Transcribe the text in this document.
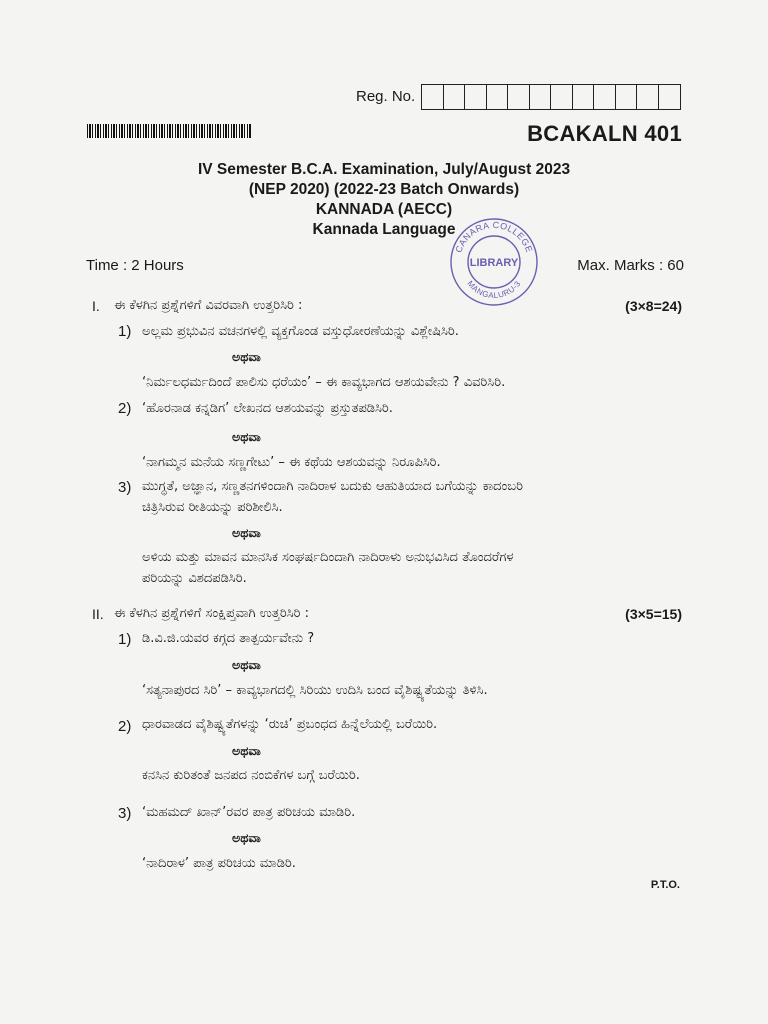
Reg. No.
BCAKALN 401
IV Semester B.C.A. Examination, July/August 2023
(NEP 2020) (2022-23 Batch Onwards)
KANNADA (AECC)
Kannada Language
Time : 2 Hours	Max. Marks : 60
CANARA COLLEGE
MANGALURU-3
LIBRARY
I. ಈ ಕೆಳಗಿನ ಪ್ರಶ್ನೆಗಳಿಗೆ ವಿವರವಾಗಿ ಉತ್ತರಿಸಿರಿ :	(3×8=24)
1) ಅಲ್ಲಮ ಪ್ರಭುವಿನ ವಚನಗಳಲ್ಲಿ ವ್ಯಕ್ತಗೊಂಡ ವಸ್ತುಧೋರಣೆಯನ್ನು ವಿಶ್ಲೇಷಿಸಿರಿ.
ಅಥವಾ
‘ನಿರ್ಮಲಧರ್ಮದಿಂದೆ ಪಾಲಿಸು ಧರೆಯಂ’ – ಈ ಕಾವ್ಯಭಾಗದ ಆಶಯವೇನು ? ವಿವರಿಸಿರಿ.
2) ‘ಹೊರನಾಡ ಕನ್ನಡಿಗ’ ಲೇಖನದ ಆಶಯವನ್ನು ಪ್ರಸ್ತುತಪಡಿಸಿರಿ.
ಅಥವಾ
‘ನಾಗಮ್ಮನ ಮನೆಯ ಸಣ್ಣಗೇಟು’ – ಈ ಕಥೆಯ ಆಶಯವನ್ನು ನಿರೂಪಿಸಿರಿ.
3) ಮುಗ್ಧತೆ, ಅಜ್ಞಾನ, ಸಣ್ಣತನಗಳಿಂದಾಗಿ ನಾದಿರಾಳ ಬದುಕು ಆಹುತಿಯಾದ ಬಗೆಯನ್ನು ಕಾದಂಬರಿ
ಚಿತ್ರಿಸಿರುವ ರೀತಿಯನ್ನು ಪರಿಶೀಲಿಸಿ.
ಅಥವಾ
ಅಳಿಯ ಮತ್ತು ಮಾವನ ಮಾನಸಿಕ ಸಂಘರ್ಷದಿಂದಾಗಿ ನಾದಿರಾಳು ಅನುಭವಿಸಿದ ತೊಂದರೆಗಳ
ಪರಿಯನ್ನು ವಿಶದಪಡಿಸಿರಿ.
II. ಈ ಕೆಳಗಿನ ಪ್ರಶ್ನೆಗಳಿಗೆ ಸಂಕ್ಷಿಪ್ತವಾಗಿ ಉತ್ತರಿಸಿರಿ :	(3×5=15)
1) ಡಿ.ವಿ.ಜಿ.ಯವರ ಕಗ್ಗದ ತಾತ್ಪರ್ಯವೇನು ?
ಅಥವಾ
‘ಸತ್ಯನಾಪುರದ ಸಿರಿ’ – ಕಾವ್ಯಭಾಗದಲ್ಲಿ ಸಿರಿಯು ಉದಿಸಿ ಬಂದ ವೈಶಿಷ್ಟ್ಯತೆಯನ್ನು ತಿಳಿಸಿ.
2) ಧಾರವಾಡದ ವೈಶಿಷ್ಟ್ಯತೆಗಳನ್ನು ‘ರುಚಿ’ ಪ್ರಬಂಧದ ಹಿನ್ನೆಲೆಯಲ್ಲಿ ಬರೆಯಿರಿ.
ಅಥವಾ
ಕನಸಿನ ಕುರಿತಂತೆ ಜನಪದ ನಂಬಿಕೆಗಳ ಬಗ್ಗೆ ಬರೆಯಿರಿ.
3) ‘ಮಹಮದ್ ಖಾನ್’ರವರ ಪಾತ್ರ ಪರಿಚಯ ಮಾಡಿರಿ.
ಅಥವಾ
‘ನಾದಿರಾಳ’ ಪಾತ್ರ ಪರಿಚಯ ಮಾಡಿರಿ.
P.T.O.
